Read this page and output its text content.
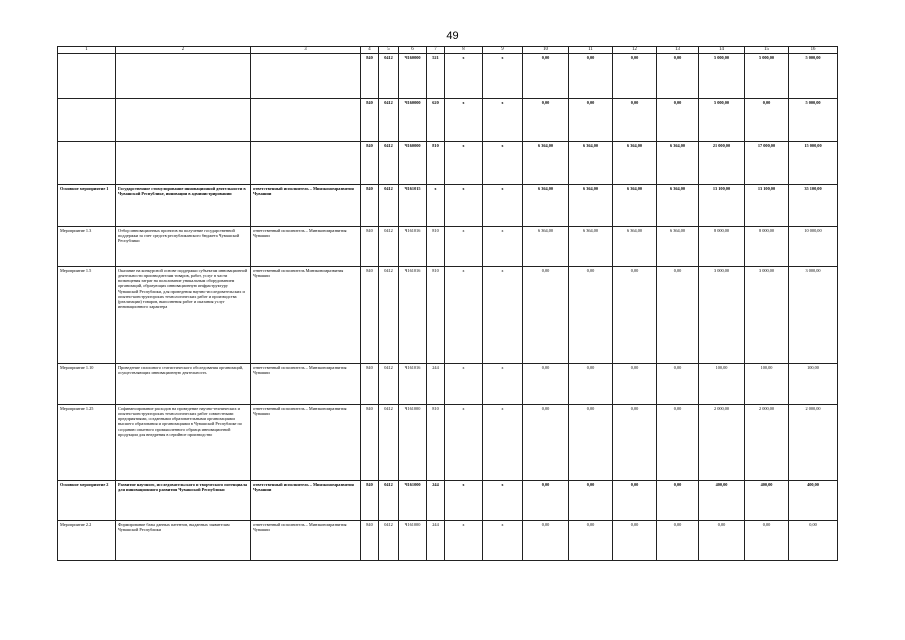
49
1	2	3	4	5	6	7	8	9	10	11	12	13	14	15	16
			840	0412	Ч160000	521	x	x	0,00	0,00	0,00	0,00	5 000,00	5 000,00	5 000,00
			840	0412	Ч160000	620	x	x	0,00	0,00	0,00	0,00	5 000,00	0,00	5 000,00
			840	0412	Ч160000	810	x	x	6 364,00	6 364,00	6 364,00	6 364,00	21 000,00	17 000,00	15 000,00
Основное мероприятие 1	Государственное стимулирование инновационной деятельности в Чувашской Республике, инновации в администрировании	ответственный исполнитель – Минэкономразвития Чувашии	840	0412	Ч161015	x	x	x	6 364,00	6 364,00	6 364,00	6 364,00	13 100,00	13 100,00	35 100,00
Мероприятие 1.3	Отбор инновационных проектов на получение государственной поддержки за счет средств республиканского бюджета Чувашской Республики	ответственный исполнитель – Минэкономразвития Чувашии	840	0412	Ч161016	810	x	x	6 364,00	6 364,00	6 364,00	6 364,00	8 000,00	8 000,00	10 000,00
Мероприятие 1.5	Оказание на конкурсной основе поддержки субъектам инновационной деятельности производителям товаров, работ, услуг в части возмещения затрат на пользование уникальным оборудованием организаций, образующих инновационную инфраструктуру Чувашской Республики, для проведения научно-исследовательских и опытно-конструкторских технологических работ и производства (реализации) товаров, выполнения работ и оказания услуг инновационного характера	ответственный исполнитель Минэкономразвития Чувашии	840	0412	Ч161016	810	x	x	0,00	0,00	0,00	0,00	3 000,00	3 000,00	3 000,00
Мероприятие 1.10	Проведение сплошного статистического обследования организаций, осуществляющих инновационную деятельность	ответственный исполнитель – Минэкономразвития Чувашии	840	0412	Ч161016	244	x	x	0,00	0,00	0,00	0,00	100,00	100,00	100,00
Мероприятие 1.25	Софинансирование расходов на проведение научно-технических и опытно-конструкторских технологических работ совместными предприятиями, созданными образовательными организациями высшего образования и организациями в Чувашской Республике по созданию опытного промышленного образца инновационной продукции для внедрения в серийное производство	ответственный исполнитель – Минэкономразвития Чувашии	840	0412	Ч161000	810	x	x	0,00	0,00	0,00	0,00	2 000,00	2 000,00	2 000,00
Основное мероприятие 2	Развитие научного, исследовательского и творческого потенциала для инновационного развития Чувашской Республики	ответственный исполнитель – Минэкономразвития Чувашии	840	0412	Ч161000	244	x	x	0,00	0,00	0,00	0,00	400,00	400,00	400,00
Мероприятие 2.2	Формирование базы данных патентов, выданных заявителям Чувашской Республики	ответственный исполнитель – Минэкономразвития Чувашии	840	0412	Ч161000	244	x	x	0,00	0,00	0,00	0,00	0,00	0,00	0,00
